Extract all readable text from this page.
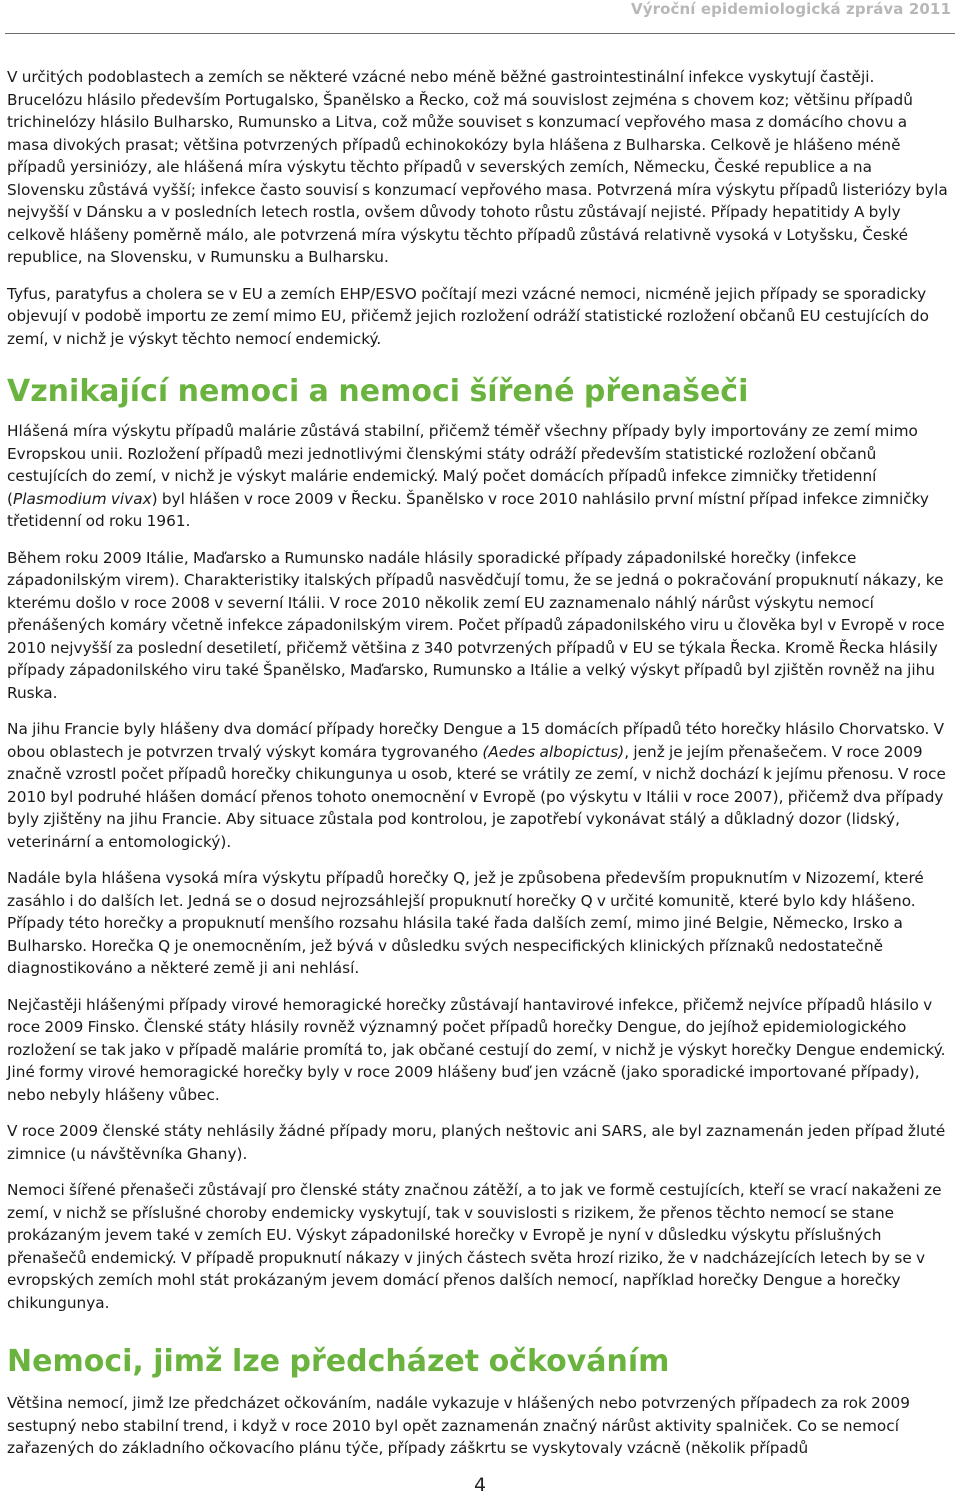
Výroční epidemiologická zpráva 2011

V určitých podoblastech a zemích se některé vzácné nebo méně běžné gastrointestinální infekce vyskytují častěji. Brucelózu hlásilo především Portugalsko, Španělsko a Řecko, což má souvislost zejména s chovem koz; většinu případů trichinelózy hlásilo Bulharsko, Rumunsko a Litva, což může souviset s konzumací vepřového masa z domácího chovu a masa divokých prasat; většina potvrzených případů echinokokózy byla hlášena z Bulharska. Celkově je hlášeno méně případů yersiniózy, ale hlášená míra výskytu těchto případů v severských zemích, Německu, České republice a na Slovensku zůstává vyšší; infekce často souvisí s konzumací vepřového masa. Potvrzená míra výskytu případů listeriózy byla nejvyšší v Dánsku a v posledních letech rostla, ovšem důvody tohoto růstu zůstávají nejisté. Případy hepatitidy A byly celkově hlášeny poměrně málo, ale potvrzená míra výskytu těchto případů zůstává relativně vysoká v Lotyšsku, České republice, na Slovensku, v Rumunsku a Bulharsku.

Tyfus, paratyfus a cholera se v EU a zemích EHP/ESVO počítají mezi vzácné nemoci, nicméně jejich případy se sporadicky objevují v podobě importu ze zemí mimo EU, přičemž jejich rozložení odráží statistické rozložení občanů EU cestujících do zemí, v nichž je výskyt těchto nemocí endemický.

Vznikající nemoci a nemoci šířené přenašeči

Hlášená míra výskytu případů malárie zůstává stabilní, přičemž téměř všechny případy byly importovány ze zemí mimo Evropskou unii. Rozložení případů mezi jednotlivými členskými státy odráží především statistické rozložení občanů cestujících do zemí, v nichž je výskyt malárie endemický. Malý počet domácích případů infekce zimničky třetidenní (Plasmodium vivax) byl hlášen v roce 2009 v Řecku. Španělsko v roce 2010 nahlásilo první místní případ infekce zimničky třetidenní od roku 1961.

Během roku 2009 Itálie, Maďarsko a Rumunsko nadále hlásily sporadické případy západonilské horečky (infekce západonilským virem). Charakteristiky italských případů nasvědčují tomu, že se jedná o pokračování propuknutí nákazy, ke kterému došlo v roce 2008 v severní Itálii. V roce 2010 několik zemí EU zaznamenalo náhlý nárůst výskytu nemocí přenášených komáry včetně infekce západonilským virem. Počet případů západonilského viru u člověka byl v Evropě v roce 2010 nejvyšší za poslední desetiletí, přičemž většina z 340 potvrzených případů v EU se týkala Řecka. Kromě Řecka hlásily případy západonilského viru také Španělsko, Maďarsko, Rumunsko a Itálie a velký výskyt případů byl zjištěn rovněž na jihu Ruska.

Na jihu Francie byly hlášeny dva domácí případy horečky Dengue a 15 domácích případů této horečky hlásilo Chorvatsko. V obou oblastech je potvrzen trvalý výskyt komára tygrovaného (Aedes albopictus), jenž je jejím přenašečem. V roce 2009 značně vzrostl počet případů horečky chikungunya u osob, které se vrátily ze zemí, v nichž dochází k jejímu přenosu. V roce 2010 byl podruhé hlášen domácí přenos tohoto onemocnění v Evropě (po výskytu v Itálii v roce 2007), přičemž dva případy byly zjištěny na jihu Francie. Aby situace zůstala pod kontrolou, je zapotřebí vykonávat stálý a důkladný dozor (lidský, veterinární a entomologický).

Nadále byla hlášena vysoká míra výskytu případů horečky Q, jež je způsobena především propuknutím v Nizozemí, které zasáhlo i do dalších let. Jedná se o dosud nejrozsáhlejší propuknutí horečky Q v určité komunitě, které bylo kdy hlášeno. Případy této horečky a propuknutí menšího rozsahu hlásila také řada dalších zemí, mimo jiné Belgie, Německo, Irsko a Bulharsko. Horečka Q je onemocněním, jež bývá v důsledku svých nespecifických klinických příznaků nedostatečně diagnostikováno a některé země ji ani nehlásí.

Nejčastěji hlášenými případy virové hemoragické horečky zůstávají hantavirové infekce, přičemž nejvíce případů hlásilo v roce 2009 Finsko. Členské státy hlásily rovněž významný počet případů horečky Dengue, do jejíhož epidemiologického rozložení se tak jako v případě malárie promítá to, jak občané cestují do zemí, v nichž je výskyt horečky Dengue endemický. Jiné formy virové hemoragické horečky byly v roce 2009 hlášeny buď jen vzácně (jako sporadické importované případy), nebo nebyly hlášeny vůbec.

V roce 2009 členské státy nehlásily žádné případy moru, planých neštovic ani SARS, ale byl zaznamenán jeden případ žluté zimnice (u návštěvníka Ghany).

Nemoci šířené přenašeči zůstávají pro členské státy značnou zátěží, a to jak ve formě cestujících, kteří se vrací nakaženi ze zemí, v nichž se příslušné choroby endemicky vyskytují, tak v souvislosti s rizikem, že přenos těchto nemocí se stane prokázaným jevem také v zemích EU. Výskyt západonilské horečky v Evropě je nyní v důsledku výskytu příslušných přenašečů endemický. V případě propuknutí nákazy v jiných částech světa hrozí riziko, že v nadcházejících letech by se v evropských zemích mohl stát prokázaným jevem domácí přenos dalších nemocí, například horečky Dengue a horečky chikungunya.

Nemoci, jimž lze předcházet očkováním

Většina nemocí, jimž lze předcházet očkováním, nadále vykazuje v hlášených nebo potvrzených případech za rok 2009 sestupný nebo stabilní trend, i když v roce 2010 byl opět zaznamenán značný nárůst aktivity spalniček. Co se nemocí zařazených do základního očkovacího plánu týče, případy záškrtu se vyskytovaly vzácně (několik případů

4
